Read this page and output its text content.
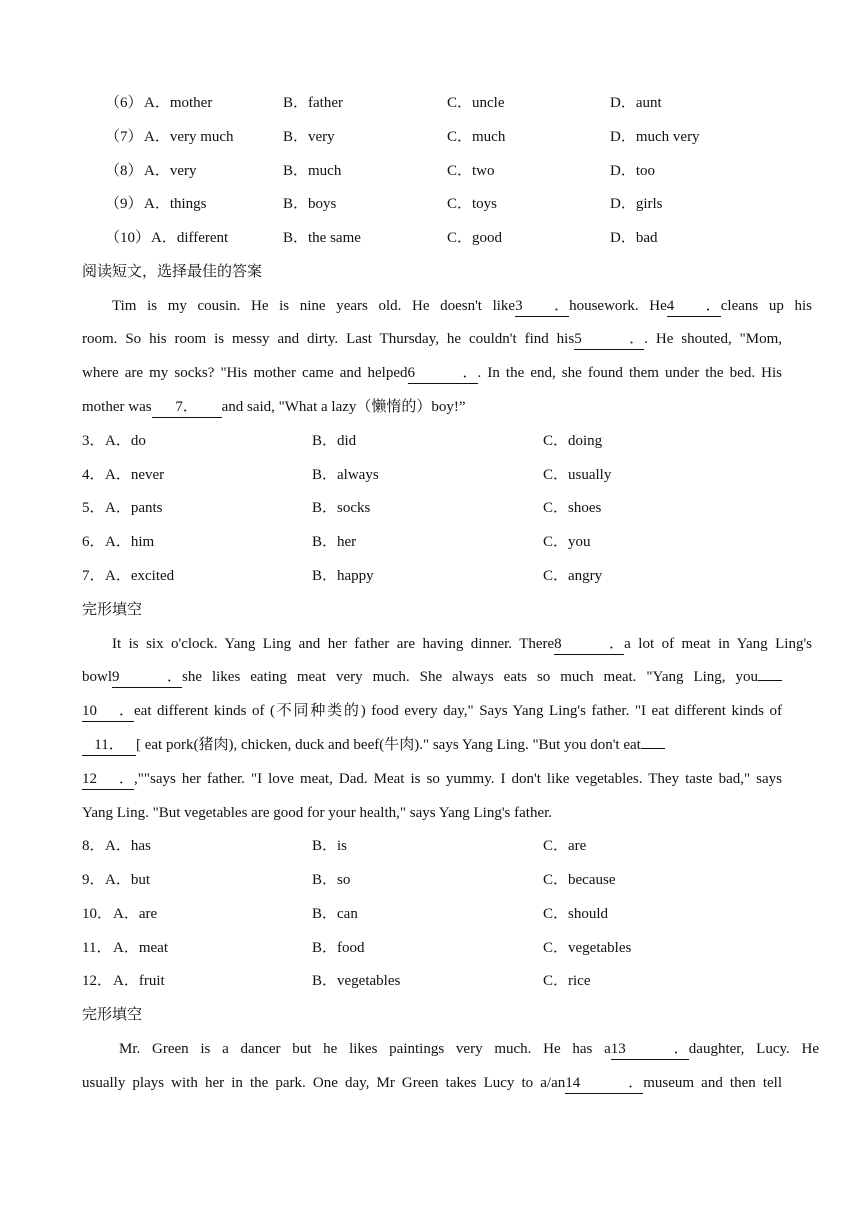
（6） A．mother	B．father	C．uncle	D．aunt
（7） A．very much	B．very	C．much	D．much very
（8） A．very	B．much	C．two	D．too
（9） A．things	B．boys	C．toys	D．girls
（10） A．different	B．the same	C．good	D．bad
阅读短文，选择最佳的答案
Tim is my cousin. He is nine years old. He doesn't like3．housework. He4．cleans up his
room. So his room is messy and dirty. Last Thursday, he couldn't find his5．. He shouted, "Mom,
where are my socks? "His mother came and helped6．. In the end, she found them under the bed. His
mother was 7． and said, "What a lazy（懒惰的）boy!”
3． A．do	B．did	C．doing
4． A．never	B．always	C．usually
5． A．pants	B．socks	C．shoes
6． A．him	B．her	C．you
7． A．excited	B．happy	C．angry
完形填空
It is six o'clock. Yang Ling and her father are having dinner. There8．a lot of meat in Yang Ling's
bowl9．she likes eating meat very much. She always eats so much meat. "Yang Ling, you
10．eat different kinds of (不同种类的) food every day," Says Yang Ling's father. "I eat different kinds of
11． [ eat pork(猪肉), chicken, duck and beef(牛肉)." says Yang Ling. "But you don't eat
12．,""says her father. "I love meat, Dad. Meat is so yummy. I don't like vegetables. They taste bad," says
Yang Ling. "But vegetables are good for your health," says Yang Ling's father.
8． A．has	B．is	C．are
9． A．but	B．so	C．because
10． A．are	B．can	C．should
11． A．meat	B．food	C．vegetables
12． A．fruit	B．vegetables	C．rice
完形填空
Mr. Green is a dancer but he likes paintings very much. He has a13．daughter, Lucy. He
usually plays with her in the park. One day, Mr Green takes Lucy to a/an14．museum and then tell
